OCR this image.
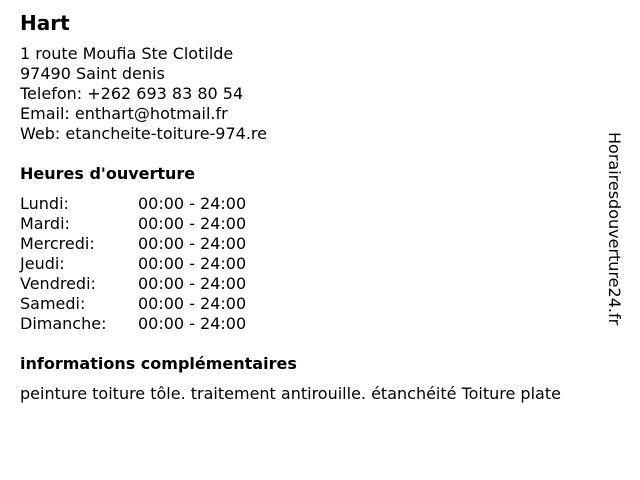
Hart
1 route Moufia Ste Clotilde
97490 Saint denis
Telefon: +262 693 83 80 54
Email: enthart@hotmail.fr
Web: etancheite-toiture-974.re
Heures d'ouverture
Lundi:	00:00 - 24:00
Mardi:	00:00 - 24:00
Mercredi:	00:00 - 24:00
Jeudi:	00:00 - 24:00
Vendredi:	00:00 - 24:00
Samedi:	00:00 - 24:00
Dimanche:	00:00 - 24:00
informations complémentaires
peinture toiture tôle. traitement antirouille. étanchéité Toiture plate
Horairesdouverture24.fr
